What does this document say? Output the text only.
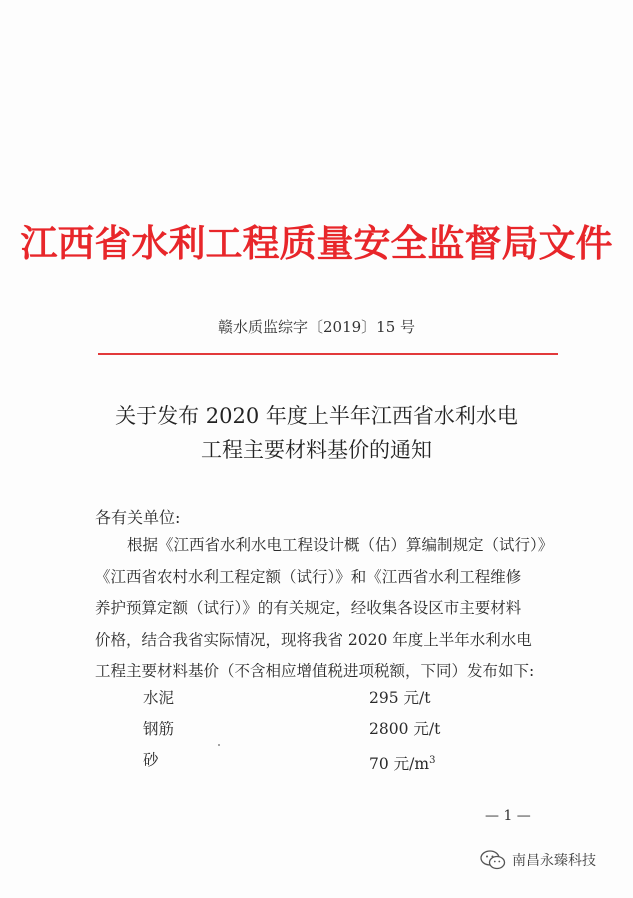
江西省水利工程质量安全监督局文件
赣水质监综字〔2019〕15 号
关于发布 2020 年度上半年江西省水利水电
工程主要材料基价的通知
各有关单位:
根据《江西省水利水电工程设计概（估）算编制规定（试行）》
《江西省农村水利工程定额（试行）》和《江西省水利工程维修
养护预算定额（试行）》的有关规定，经收集各设区市主要材料
价格，结合我省实际情况，现将我省 2020 年度上半年水利水电
工程主要材料基价（不含相应增值税进项税额，下同）发布如下:
水泥	295 元/t
钢筋	2800 元/t
砂	70 元$/m^3$
— 1 —
南昌永臻科技
